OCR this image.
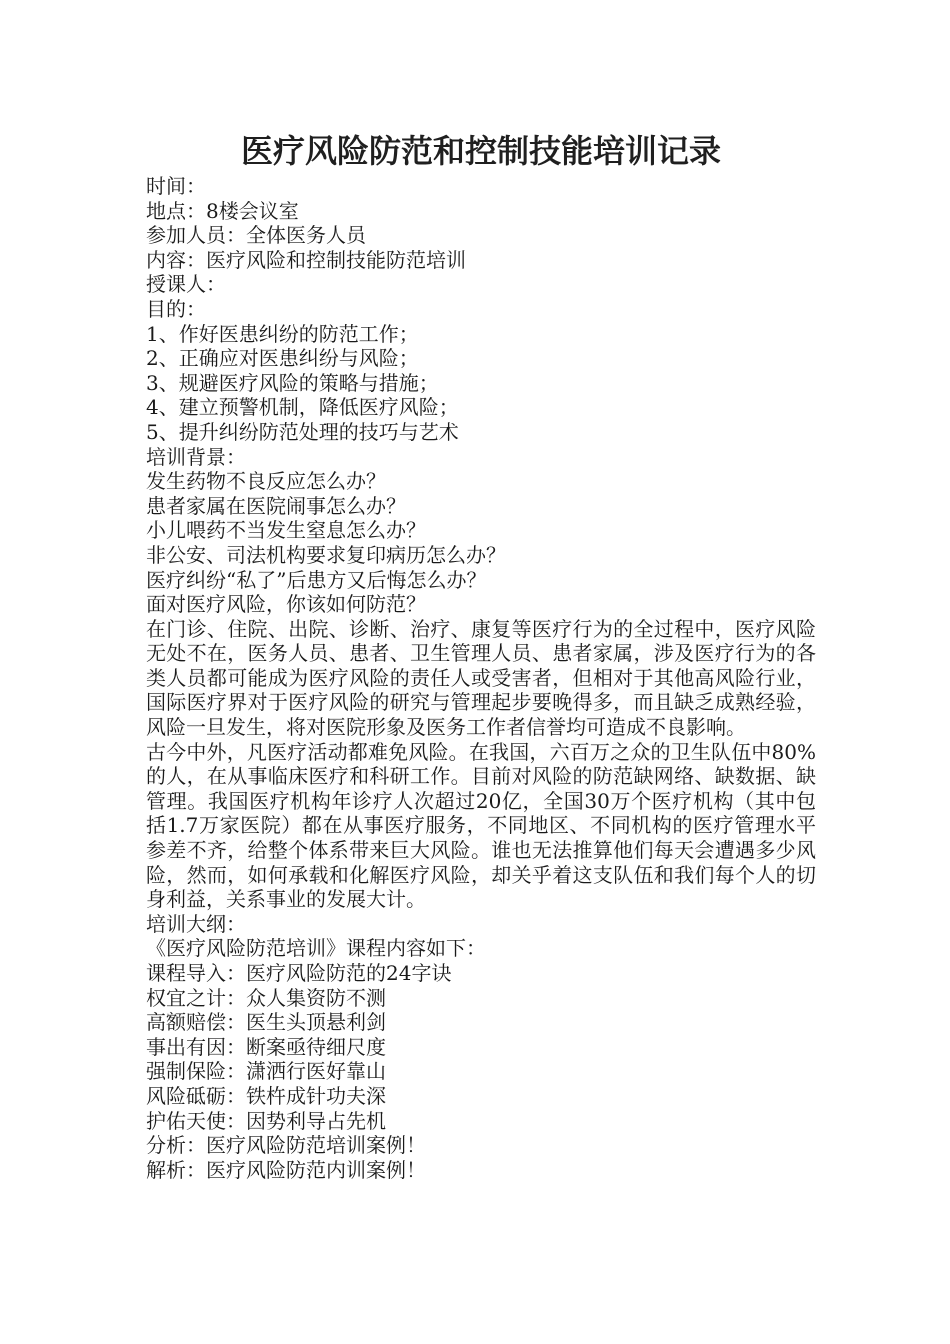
医疗风险防范和控制技能培训记录
时间：
地点：8楼会议室
参加人员：全体医务人员
内容：医疗风险和控制技能防范培训
授课人：
目的：
1、作好医患纠纷的防范工作；
2、正确应对医患纠纷与风险；
3、规避医疗风险的策略与措施；
4、建立预警机制，降低医疗风险；
5、提升纠纷防范处理的技巧与艺术
培训背景：
发生药物不良反应怎么办？
患者家属在医院闹事怎么办？
小儿喂药不当发生窒息怎么办？
非公安、司法机构要求复印病历怎么办？
医疗纠纷“私了”后患方又后悔怎么办？
面对医疗风险，你该如何防范？

在门诊、住院、出院、诊断、治疗、康复等医疗行为的全过程中，医疗风险无处不在，医务人员、患者、卫生管理人员、患者家属，涉及医疗行为的各类人员都可能成为医疗风险的责任人或受害者，但相对于其他高风险行业，国际医疗界对于医疗风险的研究与管理起步要晚得多，而且缺乏成熟经验，风险一旦发生，将对医院形象及医务工作者信誉均可造成不良影响。

古今中外，凡医疗活动都难免风险。在我国，六百万之众的卫生队伍中80%的人，在从事临床医疗和科研工作。目前对风险的防范缺网络、缺数据、缺管理。我国医疗机构年诊疗人次超过20亿，全国30万个医疗机构（其中包括1.7万家医院）都在从事医疗服务，不同地区、不同机构的医疗管理水平参差不齐，给整个体系带来巨大风险。谁也无法推算他们每天会遭遇多少风险，然而，如何承载和化解医疗风险，却关乎着这支队伍和我们每个人的切身利益，关系事业的发展大计。

培训大纲：
《医疗风险防范培训》课程内容如下：
课程导入：医疗风险防范的24字诀
权宜之计：众人集资防不测
高额赔偿：医生头顶悬利剑
事出有因：断案亟待细尺度
强制保险：潇洒行医好靠山
风险砥砺：铁杵成针功夫深
护佑天使：因势利导占先机
分析：医疗风险防范培训案例！
解析：医疗风险防范内训案例！
